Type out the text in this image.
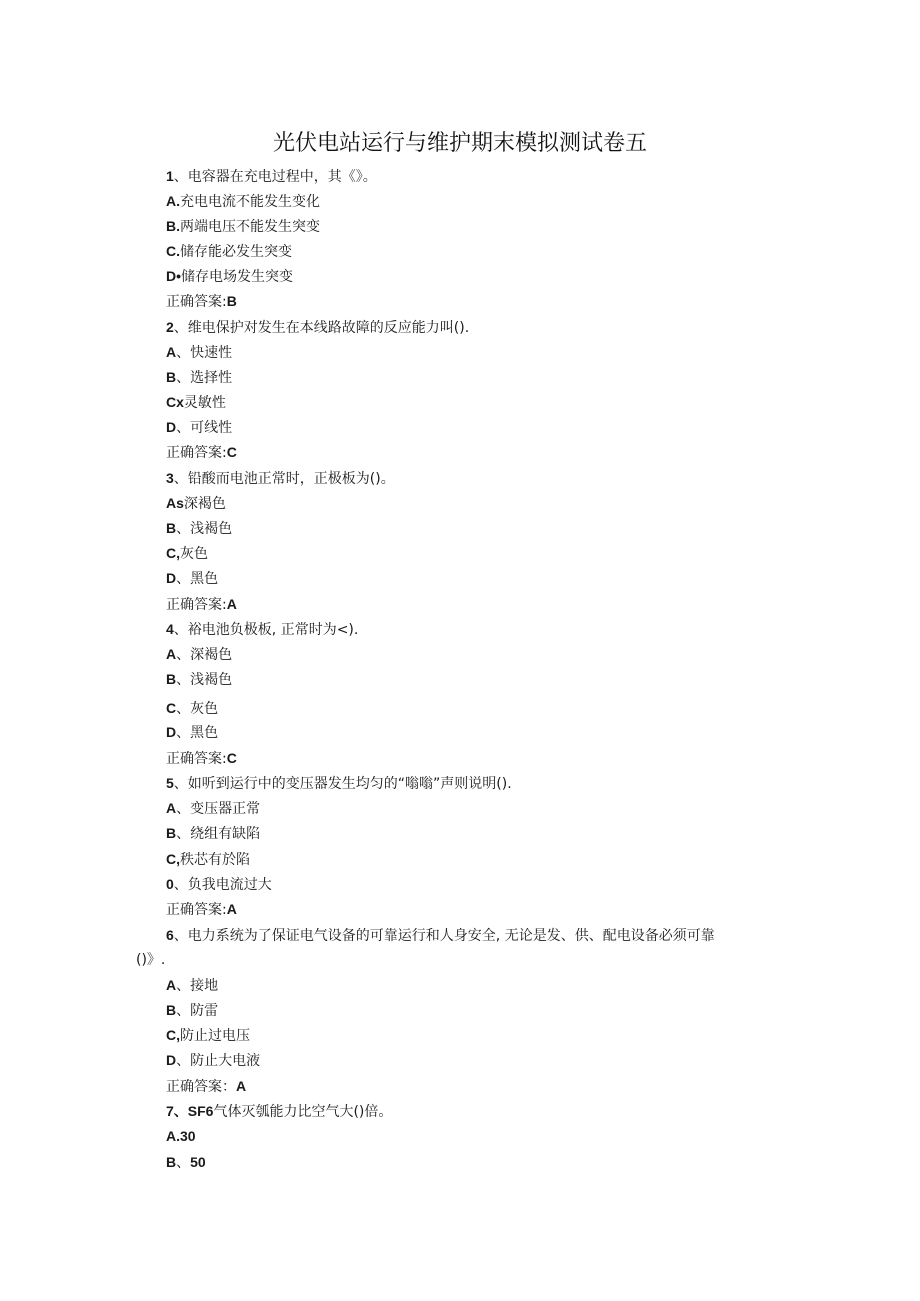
光伏电站运行与维护期末模拟测试卷五
1、电容器在充电过程中，其《》。
A.充电电流不能发生变化
B.两端电压不能发生突变
C.储存能必发生突变
D•储存电场发生突变
正确答案:B
2、维电保护对发生在本线路故障的反应能力叫().
A、快速性
B、选择性
Cx灵敏性
D、可线性
正确答案:C
3、铅酸而电池正常时，正极板为()。
As深褐色
B、浅褐色
C,灰色
D、黑色
正确答案:A
4、裕电池负极板, 正常时为<).
A、深褐色
B、浅褐色
C、灰色
D、黑色
正确答案:C
5、如听到运行中的变压器发生均匀的“嗡嗡”声则说明().
A、变压器正常
B、绕组有缺陷
C,秩芯有於陷
0、负我电流过大
正确答案:A
6、电力系统为了保证电气设备的可靠运行和人身安全, 无论是发、供、配电设备必须可靠
()》.
A、接地
B、防雷
C,防止过电压
D、防止大电液
正确答案：A
7、SF6气体灭瓠能力比空气大()倍。
A.30
B、50
